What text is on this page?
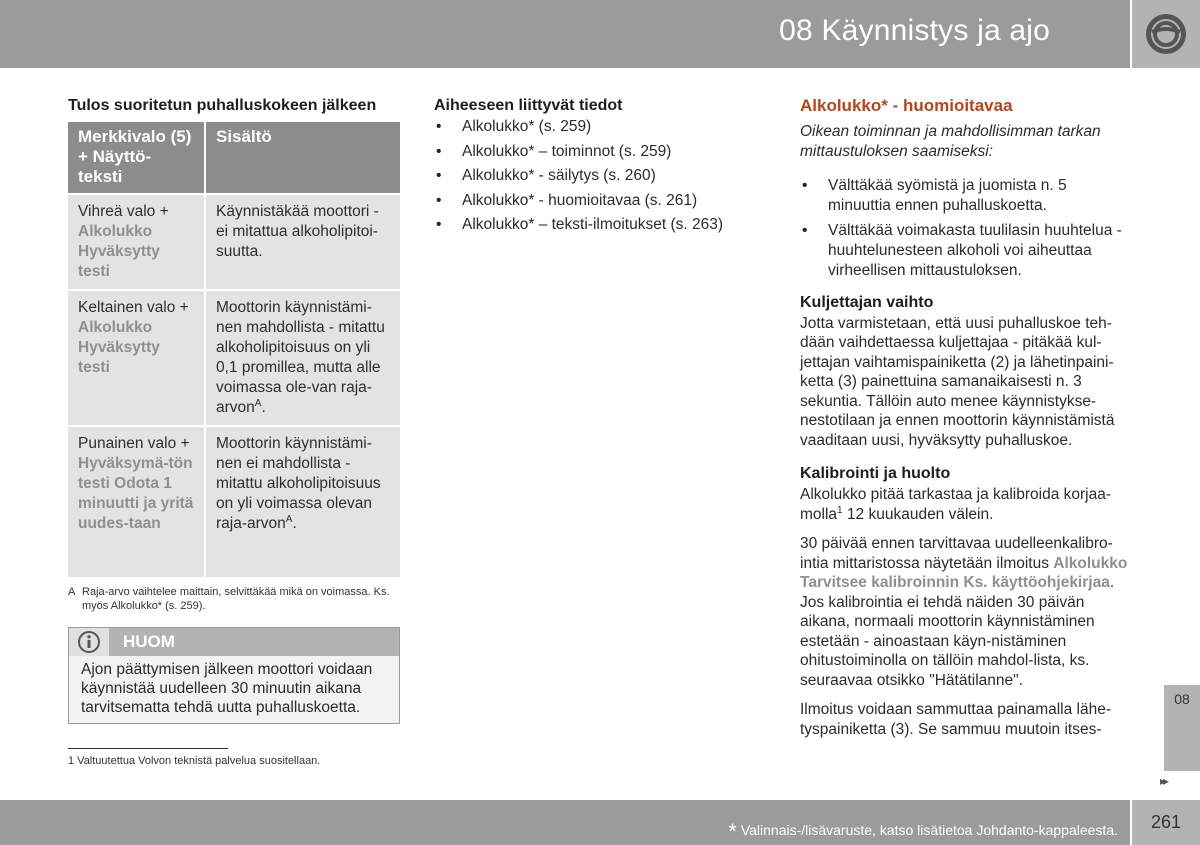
08 Käynnistys ja ajo
Tulos suoritetun puhalluskokeen jälkeen
Merkkivalo (5) + Näyttö-teksti	Sisältö
Vihreä valo +
Alkolukko Hyväksytty testi	Käynnistäkää moottori - ei mitattua alkoholipitoi-suutta.
Keltainen valo +
Alkolukko Hyväksytty testi	Moottorin käynnistämi-nen mahdollista - mitattu alkoholipitoisuus on yli 0,1 promillea, mutta alle voimassa ole-van raja-arvon$^A$.
Punainen valo +
Hyväksymä-tön testi Odota 1 minuutti ja yritä uudes-taan	Moottorin käynnistämi-nen ei mahdollista - mitattu alkoholipitoisuus on yli voimassa olevan raja-arvon$^A$.
A Raja-arvo vaihtelee maittain, selvittäkää mikä on voimassa. Ks. myös Alkolukko* (s. 259).
HUOM
Ajon päättymisen jälkeen moottori voidaan käynnistää uudelleen 30 minuutin aikana tarvitsematta tehdä uutta puhalluskoetta.
1 Valtuutettua Volvon teknistä palvelua suositellaan.
Aiheeseen liittyvät tiedot
• Alkolukko* (s. 259)
• Alkolukko* – toiminnot (s. 259)
• Alkolukko* - säilytys (s. 260)
• Alkolukko* - huomioitavaa (s. 261)
• Alkolukko* – teksti-ilmoitukset (s. 263)
Alkolukko* - huomioitavaa

Oikean toiminnan ja mahdollisimman tarkan mittaustuloksen saamiseksi:

• Välttäkää syömistä ja juomista n. 5 minuuttia ennen puhalluskoetta.
• Välttäkää voimakasta tuulilasin huuhtelua - huuhtelunesteen alkoholi voi aiheuttaa virheellisen mittaustuloksen.
Kuljettajan vaihto

Jotta varmistetaan, että uusi puhalluskoe teh-dään vaihdettaessa kuljettajaa - pitäkää kul-jettajan vaihtamispainiketta (2) ja lähetinpaini-ketta (3) painettuina samanaikaisesti n. 3 sekuntia. Tällöin auto menee käynnistykse-nestotilaan ja ennen moottorin käynnistämistä vaaditaan uusi, hyväksytty puhalluskoe.

Kalibrointi ja huolto

Alkolukko pitää tarkastaa ja kalibroida korjaa-molla$^1$ 12 kuukauden välein.

30 päivää ennen tarvittavaa uudelleenkalibro-intia mittaristossa näytetään ilmoitus Alkolukko Tarvitsee kalibroinnin Ks. käyttöohjekirjaa. Jos kalibrointia ei tehdä näiden 30 päivän aikana, normaali moottorin käynnistäminen estetään - ainoastaan käyn-nistäminen ohitustoiminolla on tällöin mahdol-lista, ks. seuraavaa otsikko "Hätätilanne".

Ilmoitus voidaan sammuttaa painamalla lähe-tyspainiketta (3). Se sammuu muutoin itses-

08
▸▸
* Valinnais-/lisävaruste, katso lisätietoa Johdanto-kappaleesta.	261
